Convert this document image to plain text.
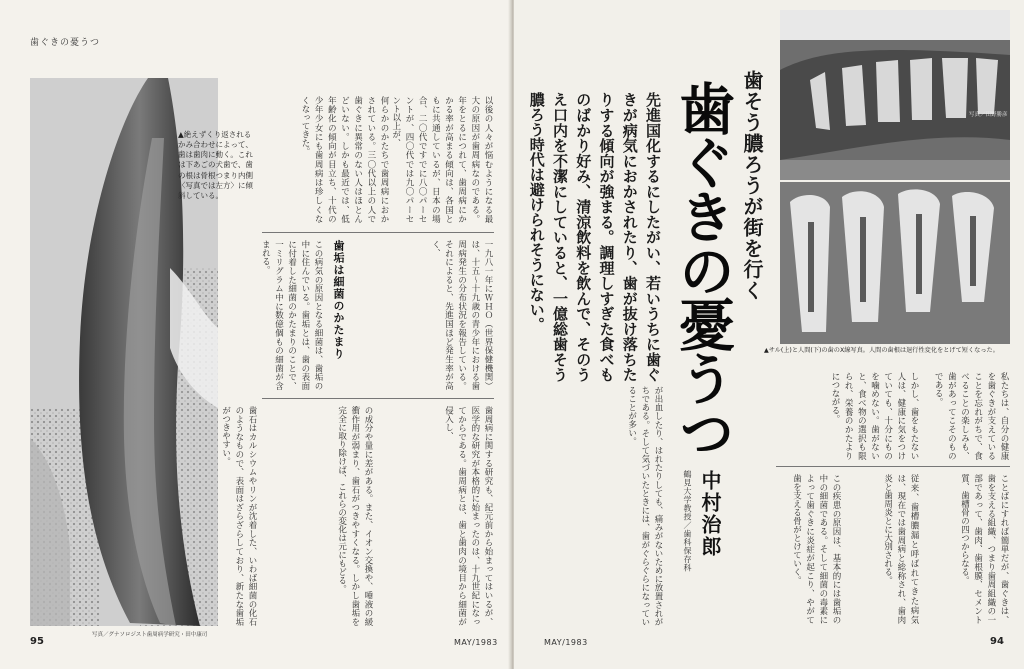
歯ぐきの憂うつ
写真／グナソロジスト歯周病学研究・田中康司
▲絶えずくり返されるかみ合わせによって、歯は歯肉に動く。これは下あごの犬歯で、歯の根は骨根つまり内側〈写真では左方〉に傾斜している。	以後の人々が悩むようになる最大の原因が歯周病なのである。年をとるにつれて、歯周病にかかる率が高まる傾向は、各国ともに共通しているが、日本の場合、二〇代ですでに八〇パーセントが、四〇代では九〇パーセント以上が、
何らかのかたちで歯周病におかされている。三〇代以上の人で歯ぐきに異常のない人はほとんどいない。しかも最近では、低年齢化の傾向が目立ち、十代の少年少女にも歯周病は珍しくなくなってきた。
一九八一年にＷＨＯ（世界保健機関）は、十五〜十九歳の青少年における歯周病発生の分布状況を報告している。それによると、先進国ほど発生率が高く、
歯垢は細菌のかたまり
この病気の原因となる細菌は、歯垢の中に住んでいる。歯垢とは、歯の表面に付着した細菌のかたまりのことで、一ミリグラム中に数億個もの細菌が含まれる。
歯周病に関する研究も、紀元前から始まってはいるが、医学的な研究が本格的に始まったのは、十九世紀になってからである。歯周病とは、歯と歯肉の境目から細菌が侵入し、
の成分や量に差がある。また、イオン交換や、唾液の緩衝作用が弱まり、歯石がつきやすくなる。しかし歯垢を完全に取り除けば、これらの変化は元にもどる。
歯石はカルシウムやリンが沈着した、いわば細菌の化石のようなもので、表面はざらざらしており、新たな歯垢がつきやすい。
95	MAY/1983
写真／田野勝彦
▲サル(上)と人間(下)の歯のX線写真。人間の歯根は退行性変化をとげて短くなった。
歯そう膿ろうが街を行く
歯ぐきの憂うつ
先進国化するにしたがい、若いうちに歯ぐきが病気におかされたり、歯が抜け落ちたりする傾向が強まる。調理しすぎた食べものばかり好み、清涼飲料を飲んで、そのうえ口内を不潔にしていると、一億総歯そう膿ろう時代は避けられそうにない。
中村治郎
鶴見大学教授／歯科保存科
私たちは、自分の健康を歯ぐきが支えていることを忘れがちで、食べることの楽しみも、歯があってこそのものである。
しかし、歯をもたない人は、健康に気をつけていても、十分にものを噛めない。歯がないと、食べ物の選択も限られ、栄養のかたよりにつながる。
ことばにすれば簡単だが、歯ぐきは、歯を支える組織、つまり歯周組織の一部であって、歯肉、歯根膜、セメント質、歯槽骨の四つからなる。
従来、歯槽膿漏と呼ばれてきた病気は、現在では歯周病と総称され、歯肉炎と歯周炎とに大別される。
この疾患の原因は、基本的には歯垢の中の細菌である。そして細菌の毒素によって歯ぐきに炎症が起こり、やがて歯を支える骨がとけていく。
が出血したり、はれたりしても、痛みがないために放置されがちである。そして気づいたときには、歯がぐらぐらになっていることが多い。
MAY/1983	94
